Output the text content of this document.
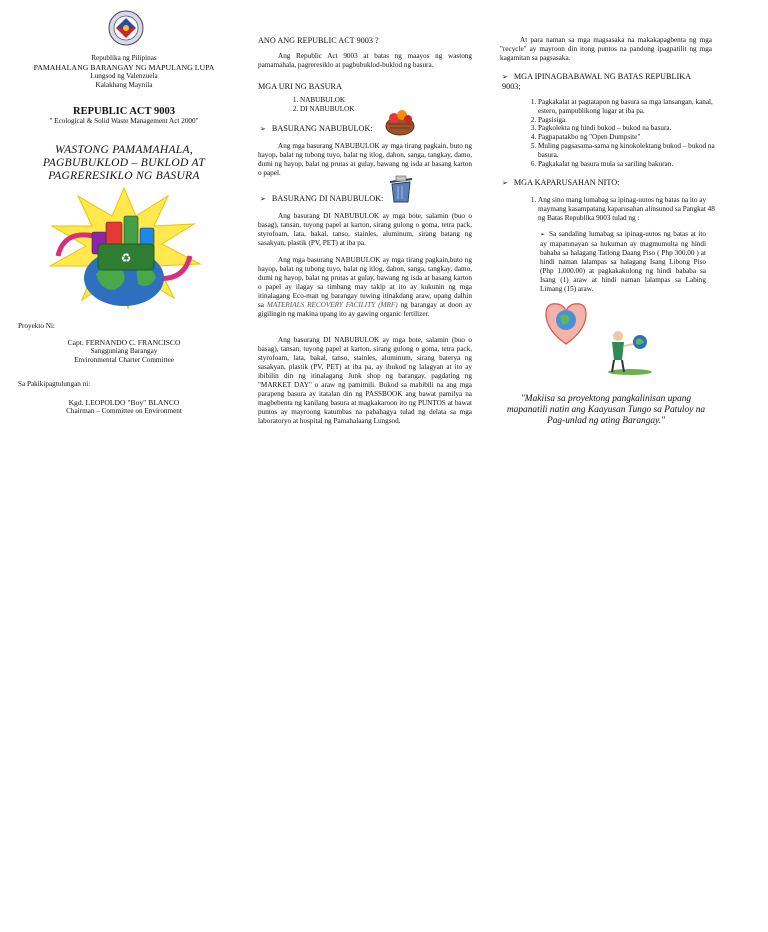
Republika ng Pilipinas
PAMAHALANG BARANGAY NG MAPULANG LUPA
Lungsod ng Valenzuela
Kalakhang Maynila
REPUBLIC ACT 9003
" Ecological & Solid Waste Management Act 2000"
WASTONG PAMAMAHALA, PAGBUBUKLOD – BUKLOD AT PAGRERESIKLO NG BASURA
♻
Proyekto Ni:
Capt. FERNANDO C. FRANCISCO
Sangguniang Barangay
Environmental Charter Committee
Sa Pakikipagtulungan ni:
Kgd. LEOPOLDO "Boy" BLANCO
Chairman – Committee on Environment
ANO ANG REPUBLIC ACT 9003 ?
Ang Republic Act 9003 at batas ng maayos ng wastong pamamahala, pagreresiklo at pagbubuklod-buklod ng basura.
MGA URI NG BASURA
1. NABUBULOK
2. DI NABUBULOK
➢ BASURANG NABUBULOK:
Ang mga basurang NABUBULOK ay mga tirang pagkain, buto ng hayop, balat ng tubong tuyo, balat ng itlog, dahon, sanga, tangkay, damo, dumi ng hayop, balat ng prutas at gulay, bawang ng isda at basang karton o papel.
➢ BASURANG DI NABUBULOK:
Ang basurang DI NABUBULOK ay mga bote, salamin (buo o basag), tansan, tuyong papel at karton, sirang gulong o goma, tetra pack, styrofoam, lata, bakal, tanso, stainles, aluminum, sirang batang ng sasakyan, plastik (PV, PET) at iba pa.
Ang mga basurang NABUBULOK ay mga tirang pagkain,buto ng hayop, balat ng tubong tuyo, balat ng itlog, dahon, sanga, tangkay, damo, dumi ng hayop, balat ng prutas at gulay, bawang ng isda at basang karton o papel ay ilagay sa timbang may takip at ito ay kukunin ng mga itinalagang Eco-man ng barangay tuwing itinakdang araw, upang dalhin sa MATERIALS RECOVERY FACILITY (MRF) ng barangay at doon ay gigilingin ng makina upang ito ay gawing organic fertilizer.
Ang basurang DI NABUBULOK ay mga bote, salamin (buo o basag), tansan, tuyong papel at karton, sirang gulong o goma, tetra pack, styrofoam, lata, bakal, tanso, stainles, aluminum, sirang baterya ng sasakyan, plastik (PV, PET) at iba pa, ay ibukod ng lalagyan at ito ay ibibilin din ng itinalagang Junk shop ng barangay, pagdating ng "MARKET DAY" o araw ng pamimili. Bukod sa mabibili na ang mga parapeng basura ay itatalan din ng PASSBOOK ang bawat pamilya na magbebenta ng kanilang basura at magkakaroon ito ng PUNTOS at bawat puntos ay mayroong katumbas na pabahagya tulad ng delata sa mga laboratoryo at hospital ng Pamahalaang Lungsod.
At para naman sa mga magsasaka na makakapagbenta ng mga "recycle" ay mayroon din itong puntos na pandong ipagpatilit ng mga kagamitan sa pagsasaka.
➢ MGA IPINAGBABAWAL NG BATAS REPUBLIKA 9003;
1. Pagkakalat at pagtatapon ng basura sa mga lansangan, kanal, estero, pampublikong lugar at iba pa.
2. Pagsisiga.
3. Pagkolekta ng hindi bukod – bukod na basura.
4. Pagpapatakbo ng "Open Dumpsite"
5. Muling pagsasama-sama ng kinokolektang bukod – bukod na basura.
6. Pagkakalat ng basura mula sa sariling bakuran.
➢ MGA KAPARUSAHAN NITO:
1. Ang sino mang lumabag sa ipinag-uutos ng batas na ito ay maymang kasampatang kaparusahan alinsunod sa Pangkat 48 ng Batas Republika 9003 tulad ng :
➢ Sa sandaling lumabag sa ipinag-uutos ng batas at ito ay mapatunayan sa hukuman ay magmumulta ng hindi bababa sa halagang Tatlong Daang Piso ( Php 300.00 ) at hindi naman lalampas sa halagang Isang Libong Piso (Php 1,000.00) at pagkakakulong ng hindi bababa sa Isang (1) araw at hindi naman lalampas sa Labing Limang (15) araw.
"Makiisa sa proyektong pangkalinisan upang mapanatili natin ang Kaayusan Tungo sa Patuloy na Pag-unlad ng ating Barangay."
